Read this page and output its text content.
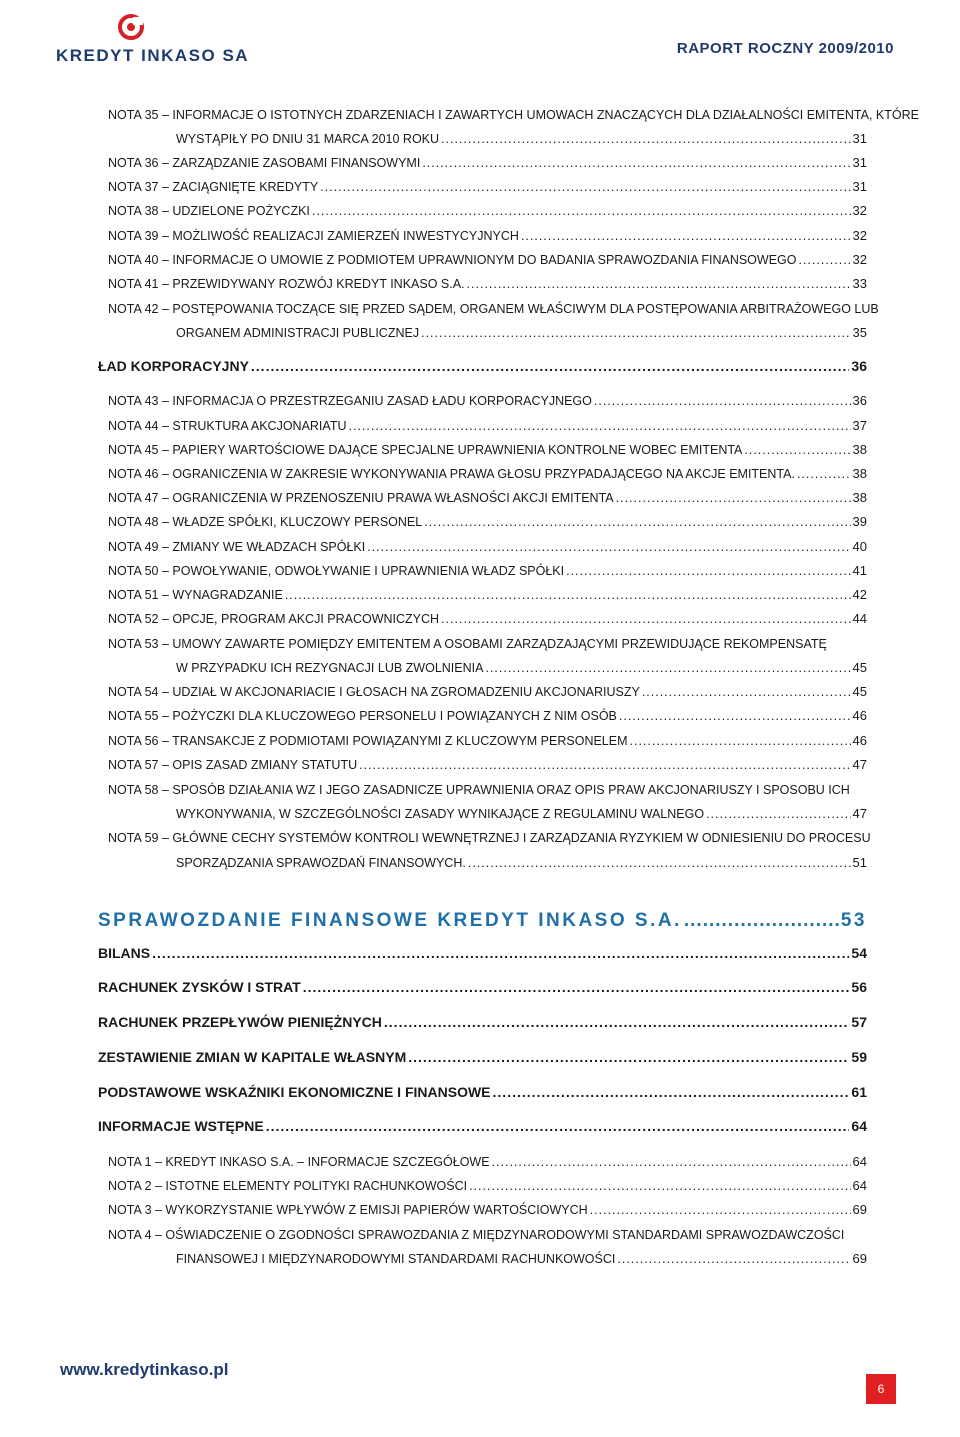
KREDYT INKASO SA	RAPORT ROCZNY 2009/2010
NOTA 35 – INFORMACJE O ISTOTNYCH ZDARZENIACH I ZAWARTYCH UMOWACH ZNACZĄCYCH DLA DZIAŁALNOŚCI EMITENTA, KTÓRE
WYSTĄPIŁY PO DNIU 31 MARCA 2010 ROKU .....	31
NOTA 36 – ZARZĄDZANIE ZASOBAMI FINANSOWYMI .....	31
NOTA 37 – ZACIĄGNIĘTE KREDYTY .....	31
NOTA 38 – UDZIELONE POŻYCZKI .....	32
NOTA 39 – MOŻLIWOŚĆ REALIZACJI ZAMIERZEŃ INWESTYCYJNYCH .....	32
NOTA 40 – INFORMACJE O UMOWIE Z PODMIOTEM UPRAWNIONYM DO BADANIA SPRAWOZDANIA FINANSOWEGO .....	32
NOTA 41 – PRZEWIDYWANY ROZWÓJ KREDYT INKASO S.A. .....	33
NOTA 42 – POSTĘPOWANIA TOCZĄCE SIĘ PRZED SĄDEM, ORGANEM WŁAŚCIWYM DLA POSTĘPOWANIA ARBITRAŻOWEGO LUB
ORGANEM ADMINISTRACJI PUBLICZNEJ .....	35
ŁAD KORPORACYJNY .....	36
NOTA 43 – INFORMACJA O PRZESTRZEGANIU ZASAD ŁADU KORPORACYJNEGO .....	36
NOTA 44 – STRUKTURA AKCJONARIATU .....	37
NOTA 45 – PAPIERY WARTOŚCIOWE DAJĄCE SPECJALNE UPRAWNIENIA KONTROLNE WOBEC EMITENTA .....	38
NOTA 46 – OGRANICZENIA W ZAKRESIE WYKONYWANIA PRAWA GŁOSU PRZYPADAJĄCEGO NA AKCJE EMITENTA. .....	38
NOTA 47 – OGRANICZENIA W PRZENOSZENIU PRAWA WŁASNOŚCI AKCJI EMITENTA .....	38
NOTA 48 – WŁADZE SPÓŁKI, KLUCZOWY PERSONEL .....	39
NOTA 49 – ZMIANY WE WŁADZACH SPÓŁKI .....	40
NOTA 50 – POWOŁYWANIE, ODWOŁYWANIE I UPRAWNIENIA WŁADZ SPÓŁKI .....	41
NOTA 51 – WYNAGRADZANIE .....	42
NOTA 52 – OPCJE, PROGRAM AKCJI PRACOWNICZYCH .....	44
NOTA 53 – UMOWY ZAWARTE POMIĘDZY EMITENTEM A OSOBAMI ZARZĄDZAJĄCYMI PRZEWIDUJĄCE REKOMPENSATĘ
W PRZYPADKU ICH REZYGNACJI LUB ZWOLNIENIA .....	45
NOTA 54 – UDZIAŁ W AKCJONARIACIE I GŁOSACH NA ZGROMADZENIU AKCJONARIUSZY .....	45
NOTA 55 – POŻYCZKI DLA KLUCZOWEGO PERSONELU I POWIĄZANYCH Z NIM OSÓB .....	46
NOTA 56 – TRANSAKCJE Z PODMIOTAMI POWIĄZANYMI Z KLUCZOWYM PERSONELEM .....	46
NOTA 57 – OPIS ZASAD ZMIANY STATUTU .....	47
NOTA 58 – SPOSÓB DZIAŁANIA WZ I JEGO ZASADNICZE UPRAWNIENIA ORAZ OPIS PRAW AKCJONARIUSZY I SPOSOBU ICH
WYKONYWANIA, W SZCZEGÓLNOŚCI ZASADY WYNIKAJĄCE Z REGULAMINU WALNEGO .....	47
NOTA 59 – GŁÓWNE CECHY SYSTEMÓW KONTROLI WEWNĘTRZNEJ I ZARZĄDZANIA RYZYKIEM W ODNIESIENIU DO PROCESU
SPORZĄDZANIA SPRAWOZDAŃ FINANSOWYCH. .....	51
SPRAWOZDANIE FINANSOWE KREDYT INKASO S.A. .....	53
BILANS .....	54
RACHUNEK ZYSKÓW I STRAT .....	56
RACHUNEK PRZEPŁYWÓW PIENIĘŻNYCH .....	57
ZESTAWIENIE ZMIAN W KAPITALE WŁASNYM .....	59
PODSTAWOWE WSKAŹNIKI EKONOMICZNE I FINANSOWE .....	61
INFORMACJE WSTĘPNE .....	64
NOTA 1 – KREDYT INKASO S.A. – INFORMACJE SZCZEGÓŁOWE .....	64
NOTA 2 – ISTOTNE ELEMENTY POLITYKI RACHUNKOWOŚCI .....	64
NOTA 3 – WYKORZYSTANIE WPŁYWÓW Z EMISJI PAPIERÓW WARTOŚCIOWYCH .....	69
NOTA 4 – OŚWIADCZENIE O ZGODNOŚCI SPRAWOZDANIA Z MIĘDZYNARODOWYMI STANDARDAMI SPRAWOZDAWCZOŚCI
FINANSOWEJ I MIĘDZYNARODOWYMI STANDARDAMI RACHUNKOWOŚCI .....	69
www.kredytinkaso.pl
6
